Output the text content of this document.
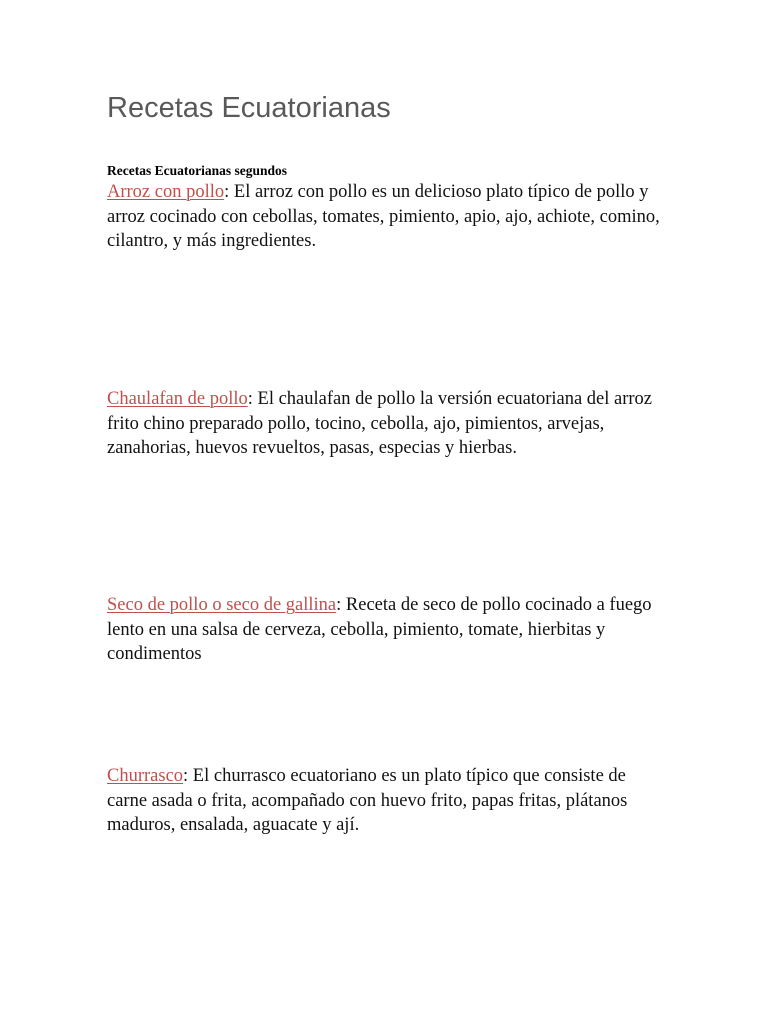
Recetas Ecuatorianas

Recetas Ecuatorianas segundos

Arroz con pollo: El arroz con pollo es un delicioso plato típico de pollo y arroz cocinado con cebollas, tomates, pimiento, apio, ajo, achiote, comino, cilantro, y más ingredientes.

Chaulafan de pollo: El chaulafan de pollo la versión ecuatoriana del arroz frito chino preparado pollo, tocino, cebolla, ajo, pimientos, arvejas, zanahorias, huevos revueltos, pasas, especias y hierbas.

Seco de pollo o seco de gallina: Receta de seco de pollo cocinado a fuego lento en una salsa de cerveza, cebolla, pimiento, tomate, hierbitas y condimentos

Churrasco: El churrasco ecuatoriano es un plato típico que consiste de carne asada o frita, acompañado con huevo frito, papas fritas, plátanos maduros, ensalada, aguacate y ají.
